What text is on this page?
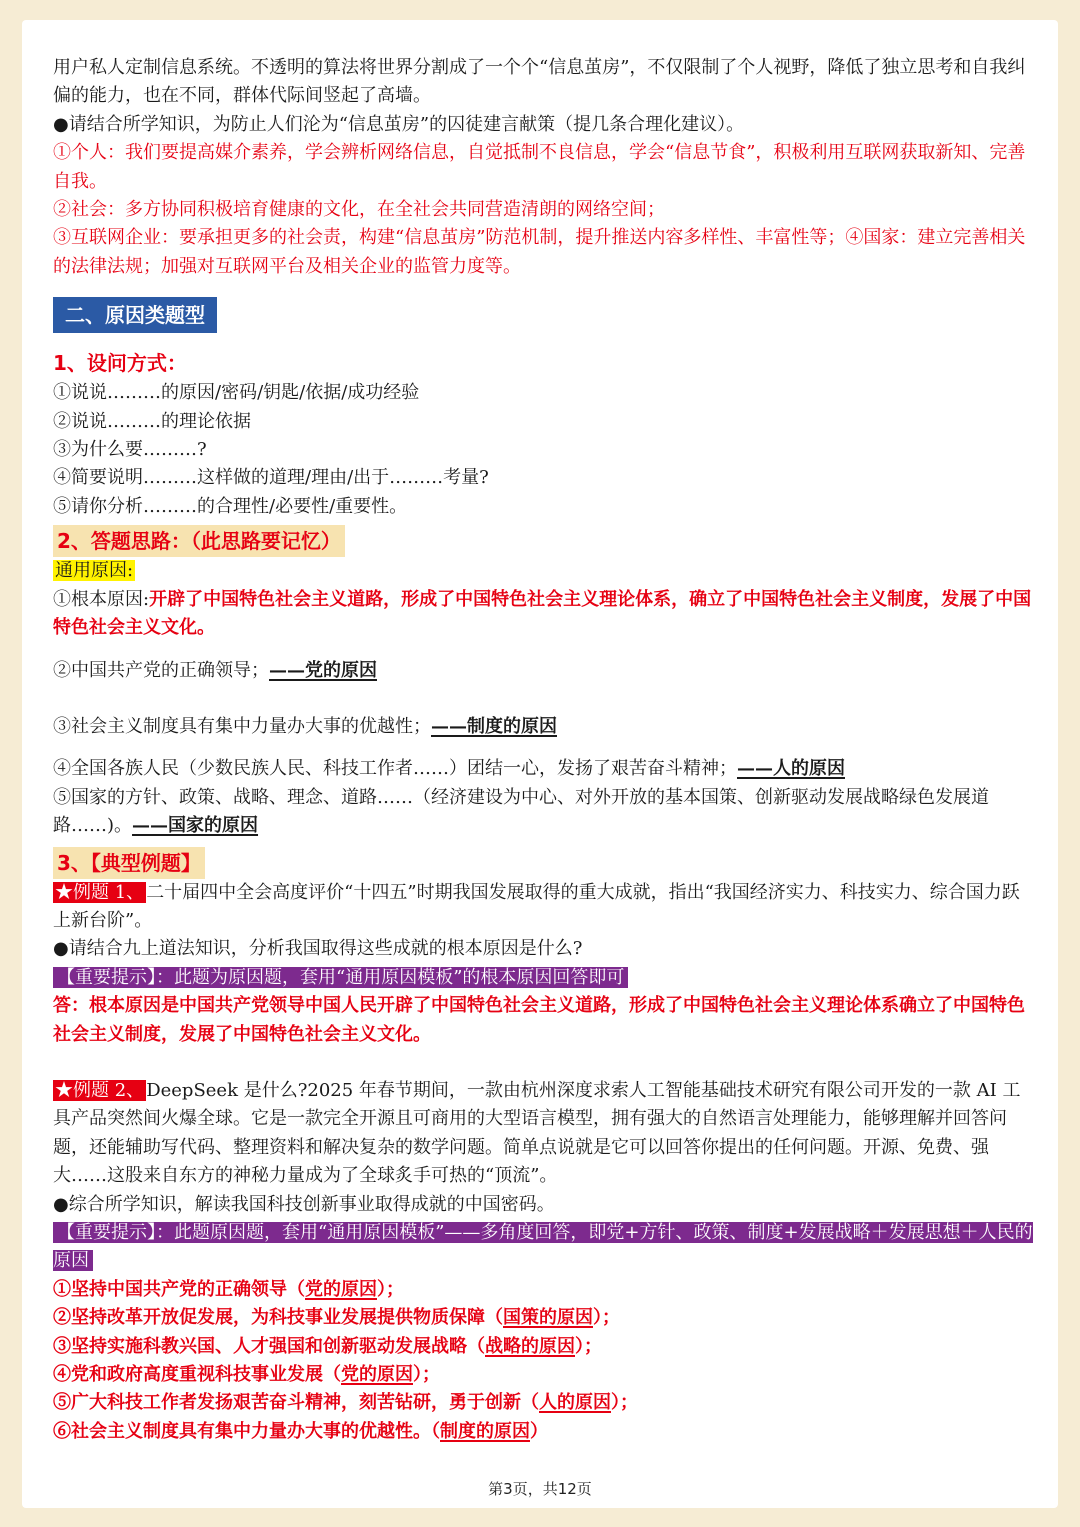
用户私人定制信息系统。不透明的算法将世界分割成了一个个“信息茧房”，不仅限制了个人视野，降低了独立思考和自我纠偏的能力，也在不同，群体代际间竖起了高墙。

●请结合所学知识，为防止人们沦为“信息茧房”的囚徒建言献策（提几条合理化建议）。

①个人：我们要提高媒介素养，学会辨析网络信息，自觉抵制不良信息，学会“信息节食”，积极利用互联网获取新知、完善自我。

②社会：多方协同积极培育健康的文化，在全社会共同营造清朗的网络空间；

③互联网企业：要承担更多的社会责，构建“信息茧房”防范机制，提升推送内容多样性、丰富性等；④国家：建立完善相关的法律法规；加强对互联网平台及相关企业的监管力度等。

二、原因类题型

1、设问方式：

①说说………的原因/密码/钥匙/依据/成功经验

②说说………的理论依据

③为什么要………?

④简要说明………这样做的道理/理由/出于………考量?

⑤请你分析………的合理性/必要性/重要性。

2、答题思路：（此思路要记忆）

通用原因:

①根本原因:开辟了中国特色社会主义道路，形成了中国特色社会主义理论体系，确立了中国特色社会主义制度，发展了中国特色社会主义文化。

②中国共产党的正确领导；——党的原因

③社会主义制度具有集中力量办大事的优越性；——制度的原因

④全国各族人民（少数民族人民、科技工作者……）团结一心，发扬了艰苦奋斗精神；——人的原因

⑤国家的方针、政策、战略、理念、道路……（经济建设为中心、对外开放的基本国策、创新驱动发展战略绿色发展道路……)。——国家的原因

3、【典型例题】

★例题 1、 二十届四中全会高度评价“十四五”时期我国发展取得的重大成就，指出“我国经济实力、科技实力、综合国力跃上新台阶”。

●请结合九上道法知识，分析我国取得这些成就的根本原因是什么?

【重要提示】：此题为原因题，套用“通用原因模板”的根本原因回答即可

答：根本原因是中国共产党领导中国人民开辟了中国特色社会主义道路，形成了中国特色社会主义理论体系确立了中国特色社会主义制度，发展了中国特色社会主义文化。

★例题 2、 DeepSeek 是什么?2025 年春节期间，一款由杭州深度求索人工智能基础技术研究有限公司开发的一款 AI 工具产品突然间火爆全球。它是一款完全开源且可商用的大型语言模型，拥有强大的自然语言处理能力，能够理解并回答问题，还能辅助写代码、整理资料和解决复杂的数学问题。简单点说就是它可以回答你提出的任何问题。开源、免费、强大……这股来自东方的神秘力量成为了全球炙手可热的“顶流”。

●综合所学知识，解读我国科技创新事业取得成就的中国密码。

【重要提示】：此题原因题，套用“通用原因模板”——多角度回答，即党+方针、政策、制度+发展战略＋发展思想＋人民的原因

①坚持中国共产党的正确领导（党的原因）；

②坚持改革开放促发展，为科技事业发展提供物质保障（国策的原因）；

③坚持实施科教兴国、人才强国和创新驱动发展战略（战略的原因）；

④党和政府高度重视科技事业发展（党的原因）；

⑤广大科技工作者发扬艰苦奋斗精神，刻苦钻研，勇于创新（人的原因）；

⑥社会主义制度具有集中力量办大事的优越性。（制度的原因）

第3页，共12页
